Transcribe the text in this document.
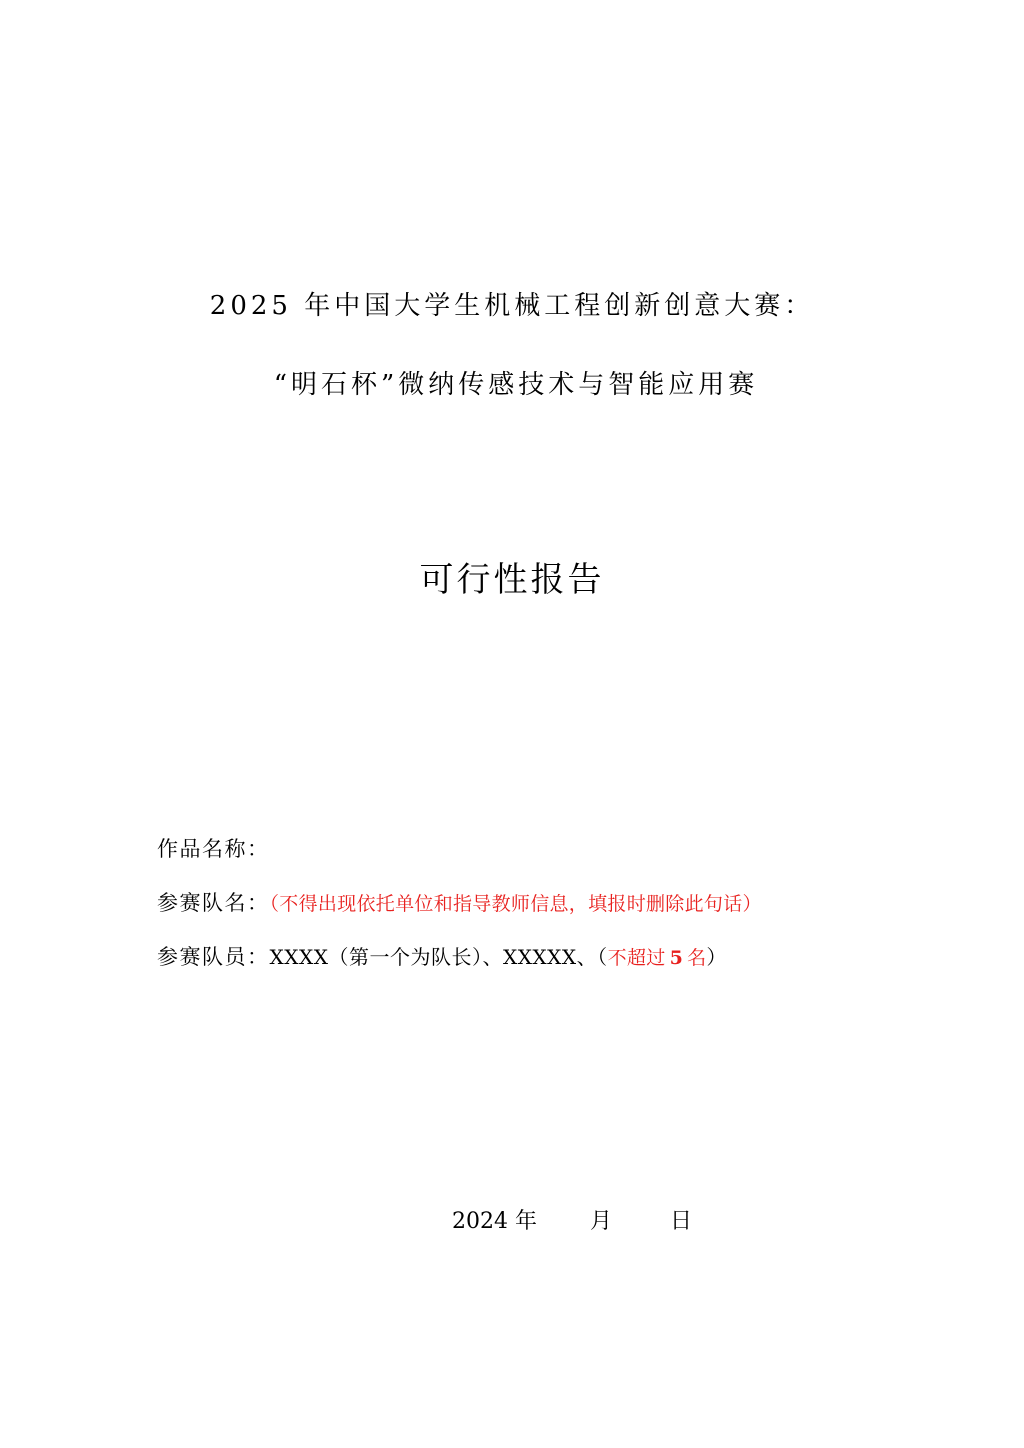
2025 年中国大学生机械工程创新创意大赛：
“明石杯”微纳传感技术与智能应用赛
可行性报告
作品名称：
参赛队名：（不得出现依托单位和指导教师信息，填报时删除此句话）
参赛队员：XXXX（第一个为队长）、XXXXX、（不超过 5 名）
2024 年 月	日
